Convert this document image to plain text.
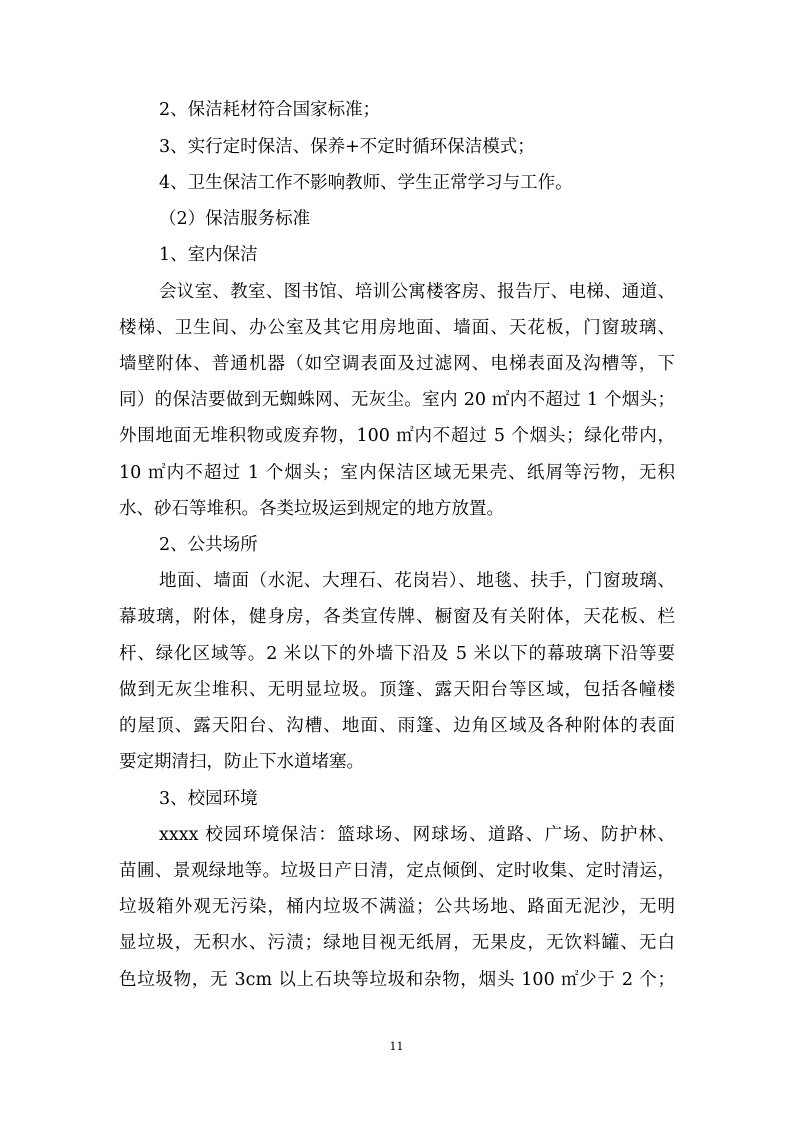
2、保洁耗材符合国家标准；
3、实行定时保洁、保养+不定时循环保洁模式；
4、卫生保洁工作不影响教师、学生正常学习与工作。
（2）保洁服务标准
1、室内保洁
会议室、教室、图书馆、培训公寓楼客房、报告厅、电梯、通道、
楼梯、卫生间、办公室及其它用房地面、墙面、天花板，门窗玻璃、
墙壁附体、普通机器（如空调表面及过滤网、电梯表面及沟槽等，下
同）的保洁要做到无蜘蛛网、无灰尘。室内 20 ㎡内不超过 1 个烟头；
外围地面无堆积物或废弃物，100 ㎡内不超过 5 个烟头；绿化带内，
10 ㎡内不超过 1 个烟头；室内保洁区域无果壳、纸屑等污物，无积
水、砂石等堆积。各类垃圾运到规定的地方放置。
2、公共场所
地面、墙面（水泥、大理石、花岗岩）、地毯、扶手，门窗玻璃、
幕玻璃，附体，健身房，各类宣传牌、橱窗及有关附体，天花板、栏
杆、绿化区域等。2 米以下的外墙下沿及 5 米以下的幕玻璃下沿等要
做到无灰尘堆积、无明显垃圾。顶篷、露天阳台等区域，包括各幢楼
的屋顶、露天阳台、沟槽、地面、雨篷、边角区域及各种附体的表面
要定期清扫，防止下水道堵塞。
3、校园环境
xxxx 校园环境保洁：篮球场、网球场、道路、广场、防护林、
苗圃、景观绿地等。垃圾日产日清，定点倾倒、定时收集、定时清运，
垃圾箱外观无污染，桶内垃圾不满溢；公共场地、路面无泥沙，无明
显垃圾，无积水、污渍；绿地目视无纸屑，无果皮，无饮料罐、无白
色垃圾物，无 3cm 以上石块等垃圾和杂物，烟头 100 ㎡少于 2 个；
11
